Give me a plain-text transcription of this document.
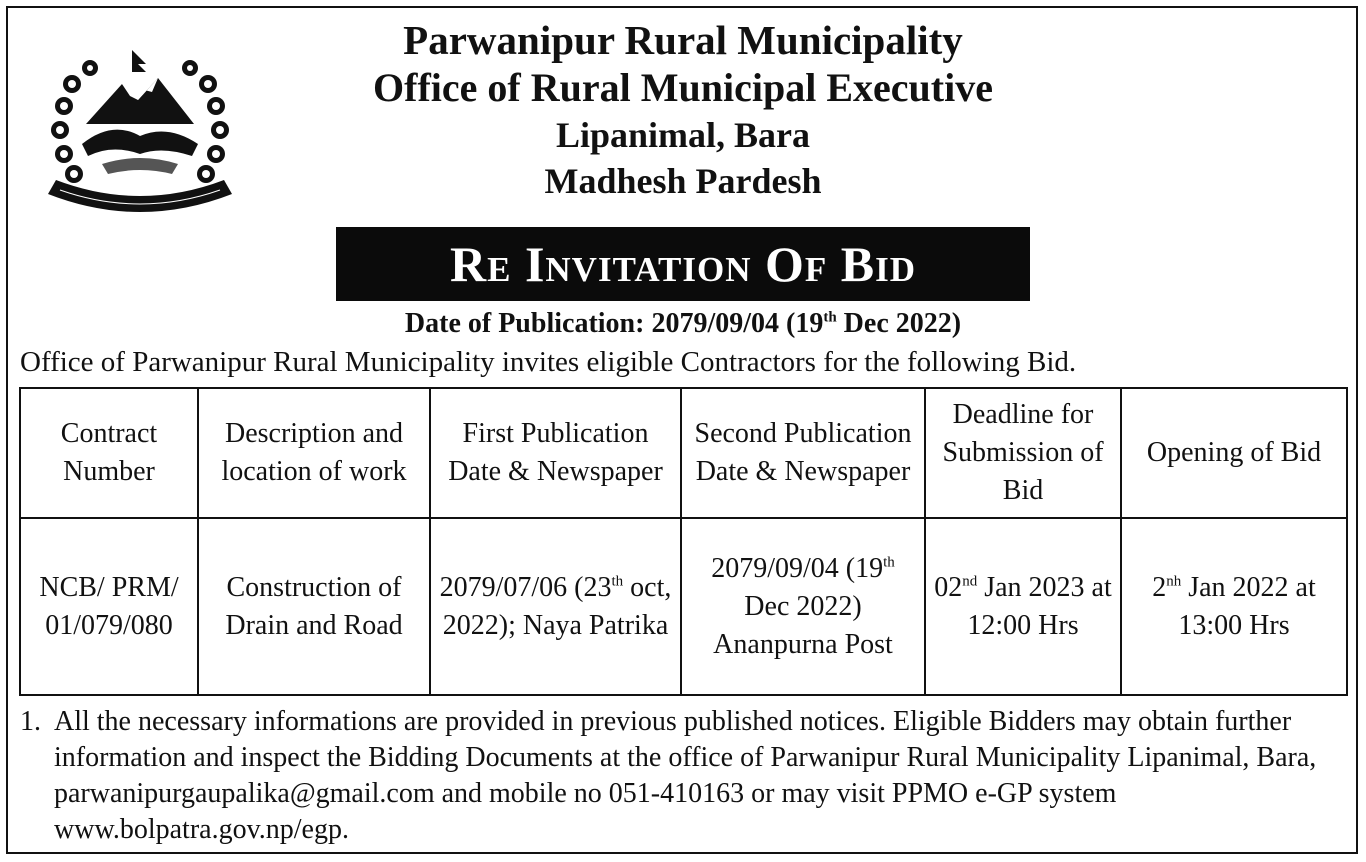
Parwanipur Rural Municipality
Office of Rural Municipal Executive
Lipanimal, Bara
Madhesh Pardesh
Re Invitation Of Bid
Date of Publication: 2079/09/04 (19th Dec 2022)
Office of Parwanipur Rural Municipality invites eligible Contractors for the following Bid.
Contract Number	Description and location of work	First Publication Date & Newspaper	Second Publication Date & Newspaper	Deadline for Submission of Bid	Opening of Bid
NCB/ PRM/ 01/079/080	Construction of Drain and Road	2079/07/06 (23th oct, 2022); Naya Patrika	2079/09/04 (19th Dec 2022) Ananpurna Post	02nd Jan 2023 at 12:00 Hrs	$2^{nh}$ Jan 2022 at 13:00 Hrs
1. All the necessary informations are provided in previous published notices. Eligible Bidders may obtain further information and inspect the Bidding Documents at the office of Parwanipur Rural Municipality Lipanimal, Bara, parwanipurgaupalika@gmail.com and mobile no 051-410163 or may visit PPMO e-GP system www.bolpatra.gov.np/egp.
